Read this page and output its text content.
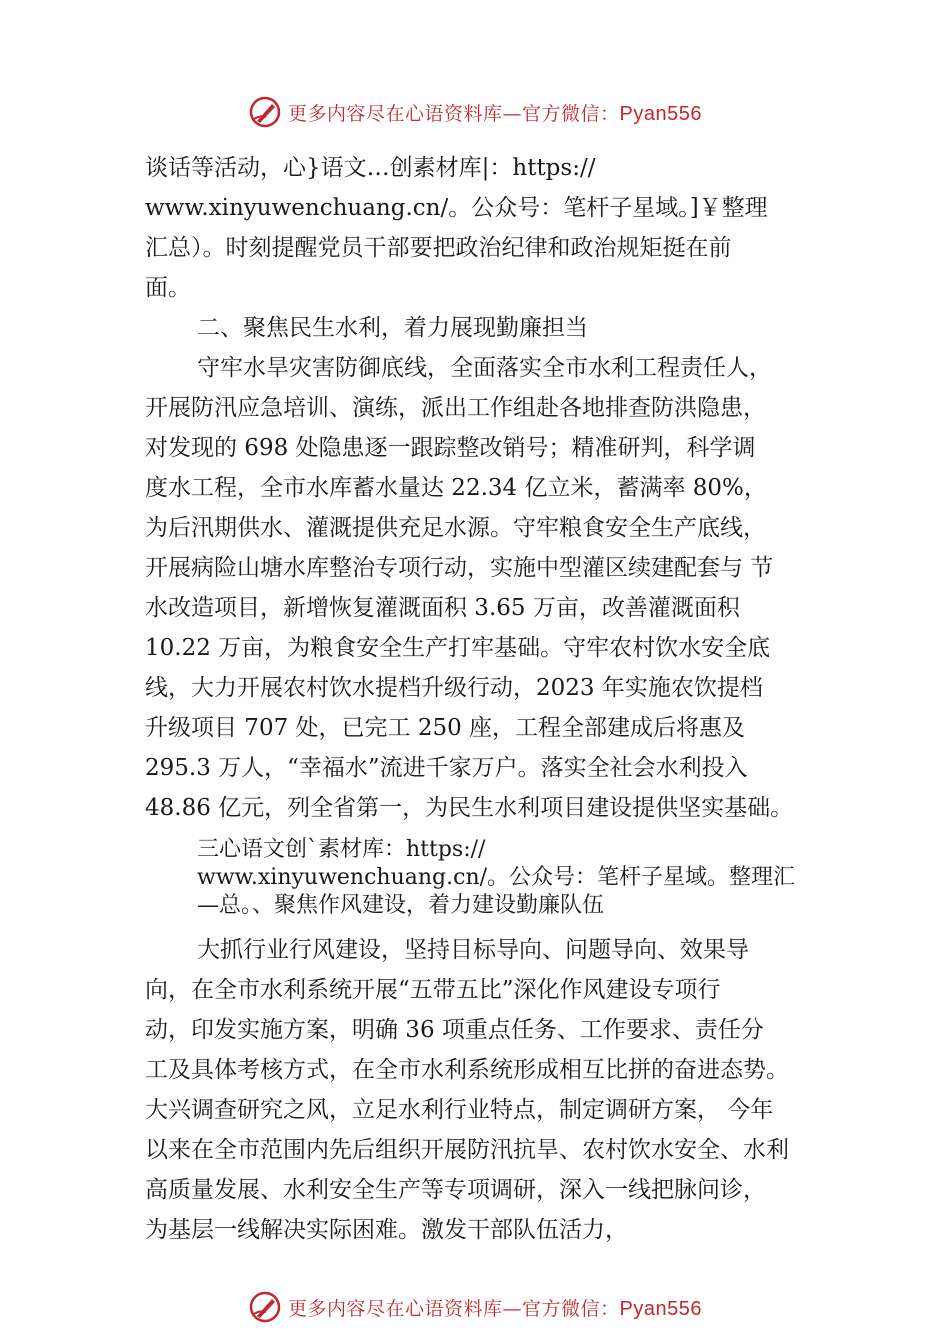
更多内容尽在心语资料库—官方微信：Pyan556
谈话等活动，心}语文…创素材库|：https://
www.xinyuwenchuang.cn/。公众号：笔杆子星域。]￥整理
汇总）。时刻提醒党员干部要把政治纪律和政治规矩挺在前
面。
二、聚焦民生水利，着力展现勤廉担当
守牢水旱灾害防御底线，全面落实全市水利工程责任人，
开展防汛应急培训、演练，派出工作组赴各地排查防洪隐患，
对发现的 698 处隐患逐一跟踪整改销号；精准研判，科学调
度水工程，全市水库蓄水量达 22.34 亿立米，蓄满率 80%，
为后汛期供水、灌溉提供充足水源。守牢粮食安全生产底线，
开展病险山塘水库整治专项行动，实施中型灌区续建配套与 节
水改造项目，新增恢复灌溉面积 3.65 万亩，改善灌溉面积
10.22 万亩，为粮食安全生产打牢基础。守牢农村饮水安全底
线，大力开展农村饮水提档升级行动，2023 年实施农饮提档
升级项目 707 处，已完工 250 座，工程全部建成后将惠及
295.3 万人，“幸福水”流进千家万户。落实全社会水利投入
48.86 亿元，列全省第一，为民生水利项目建设提供坚实基础。
三心语文创`素材库：https://
www.xinyuwenchuang.cn/。公众号：笔杆子星域。整理汇
—总。、聚焦作风建设，着力建设勤廉队伍
大抓行业行风建设，坚持目标导向、问题导向、效果导
向，在全市水利系统开展“五带五比”深化作风建设专项行
动，印发实施方案，明确 36 项重点任务、工作要求、责任分
工及具体考核方式，在全市水利系统形成相互比拼的奋进态势。
大兴调查研究之风，立足水利行业特点，制定调研方案， 今年
以来在全市范围内先后组织开展防汛抗旱、农村饮水安全、水利
高质量发展、水利安全生产等专项调研，深入一线把脉问诊，
为基层一线解决实际困难。激发干部队伍活力，
更多内容尽在心语资料库—官方微信：Pyan556
